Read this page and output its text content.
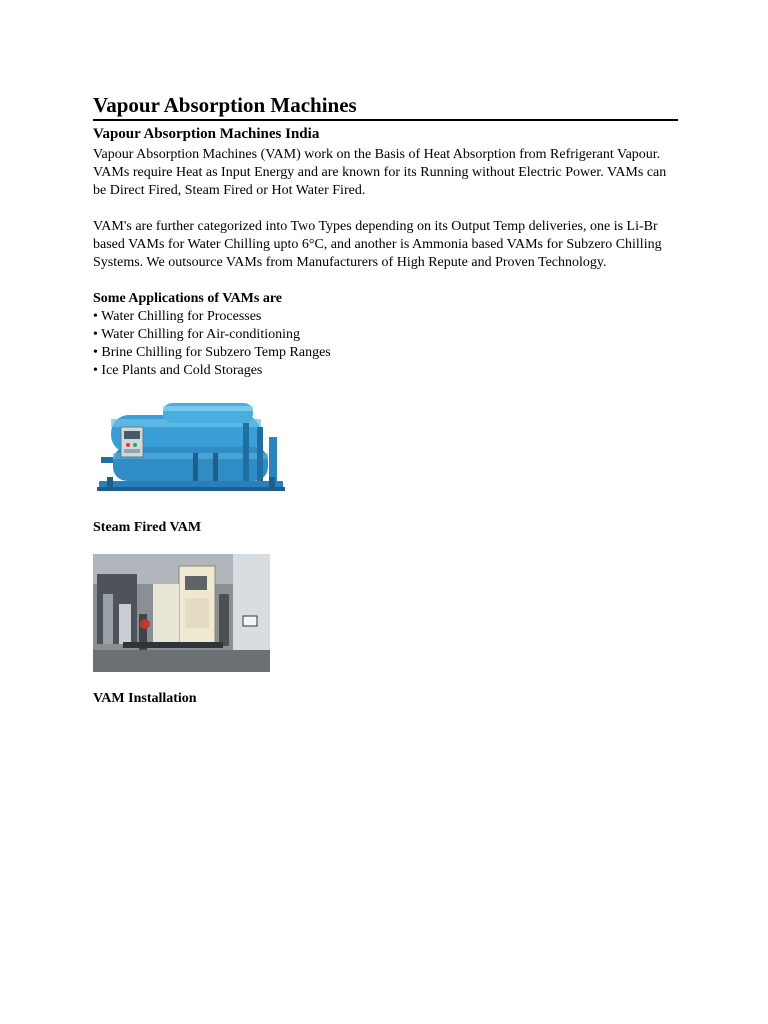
Vapour Absorption Machines
Vapour Absorption Machines India

Vapour Absorption Machines (VAM) work on the Basis of Heat Absorption from Refrigerant Vapour. VAMs require Heat as Input Energy and are known for its Running without Electric Power. VAMs can be Direct Fired, Steam Fired or Hot Water Fired.

VAM's are further categorized into Two Types depending on its Output Temp deliveries, one is Li-Br based VAMs for Water Chilling upto 6°C, and another is Ammonia based VAMs for Subzero Chilling Systems. We outsource VAMs from Manufacturers of High Repute and Proven Technology.

Some Applications of VAMs are
• Water Chilling for Processes
• Water Chilling for Air-conditioning
• Brine Chilling for Subzero Temp Ranges
• Ice Plants and Cold Storages
Steam Fired VAM
VAM Installation
